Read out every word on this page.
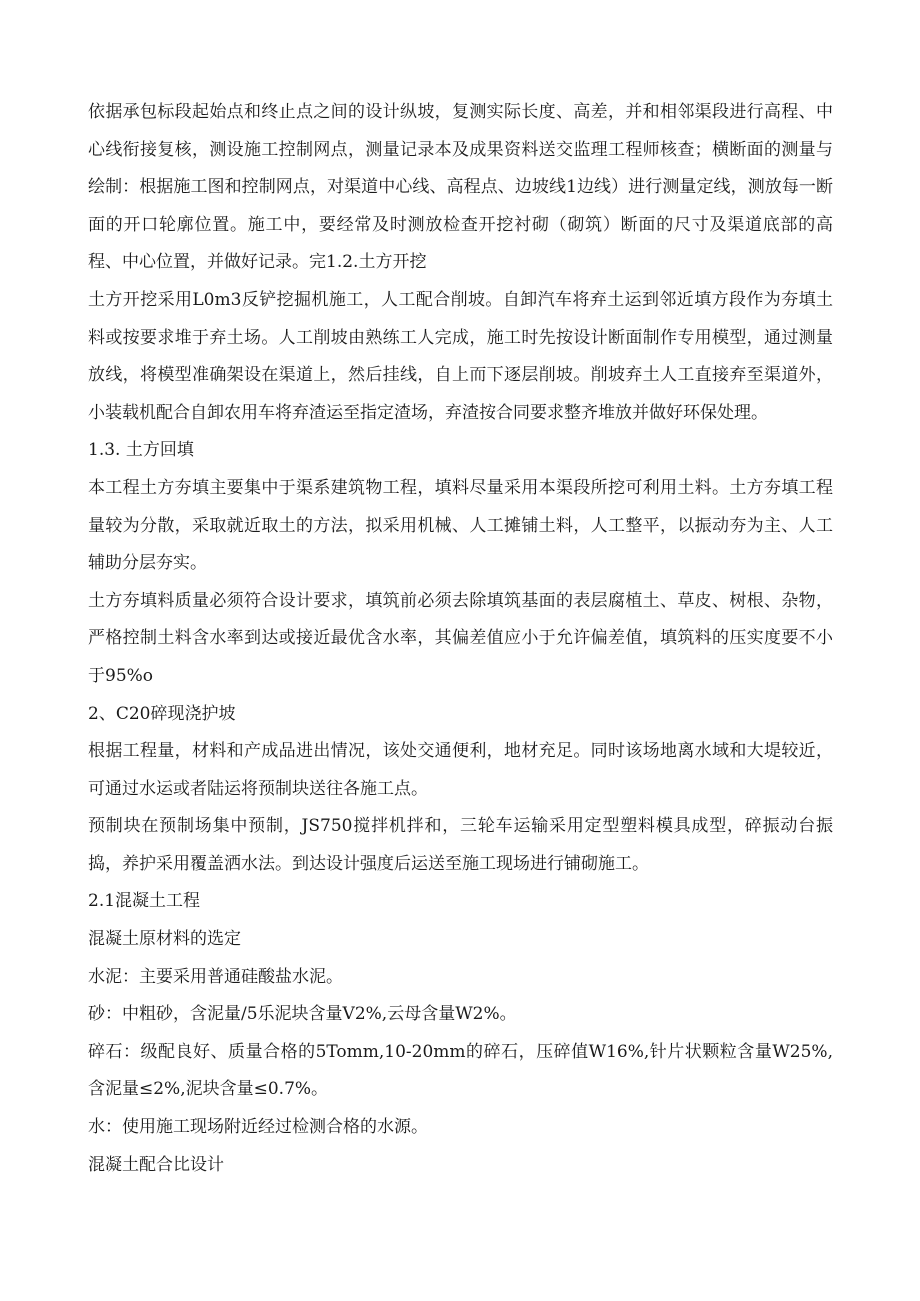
依据承包标段起始点和终止点之间的设计纵坡，复测实际长度、高差，并和相邻渠段进行高程、中心线衔接复核，测设施工控制网点，测量记录本及成果资料送交监理工程师核查；横断面的测量与绘制：根据施工图和控制网点，对渠道中心线、高程点、边坡线1边线）进行测量定线，测放每一断面的开口轮廓位置。施工中，要经常及时测放检查开挖衬砌（砌筑）断面的尺寸及渠道底部的高程、中心位置，并做好记录。完1.2.土方开挖

土方开挖采用L0m3反铲挖掘机施工，人工配合削坡。自卸汽车将弃土运到邻近填方段作为夯填土料或按要求堆于弃土场。人工削坡由熟练工人完成，施工时先按设计断面制作专用模型，通过测量放线，将模型准确架设在渠道上，然后挂线，自上而下逐层削坡。削坡弃土人工直接弃至渠道外，小装载机配合自卸农用车将弃渣运至指定渣场，弃渣按合同要求整齐堆放并做好环保处理。

1.3. 土方回填

本工程土方夯填主要集中于渠系建筑物工程，填料尽量采用本渠段所挖可利用土料。土方夯填工程量较为分散，采取就近取土的方法，拟采用机械、人工摊铺土料，人工整平，以振动夯为主、人工辅助分层夯实。

土方夯填料质量必须符合设计要求，填筑前必须去除填筑基面的表层腐植土、草皮、树根、杂物，严格控制土料含水率到达或接近最优含水率，其偏差值应小于允许偏差值，填筑料的压实度要不小于95%o

2、C20碎现浇护坡

根据工程量，材料和产成品进出情况，该处交通便利，地材充足。同时该场地离水域和大堤较近，可通过水运或者陆运将预制块送往各施工点。

预制块在预制场集中预制，JS750搅拌机拌和，三轮车运输采用定型塑料模具成型，碎振动台振捣，养护采用覆盖洒水法。到达设计强度后运送至施工现场进行铺砌施工。

2.1混凝土工程

混凝土原材料的选定

水泥：主要采用普通硅酸盐水泥。

砂：中粗砂，含泥量/5乐泥块含量V2%,云母含量W2%。

碎石：级配良好、质量合格的5Tomm,10-20mm的碎石，压碎值W16%,针片状颗粒含量W25%,含泥量≤2%,泥块含量≤0.7%。

水：使用施工现场附近经过检测合格的水源。

混凝土配合比设计
